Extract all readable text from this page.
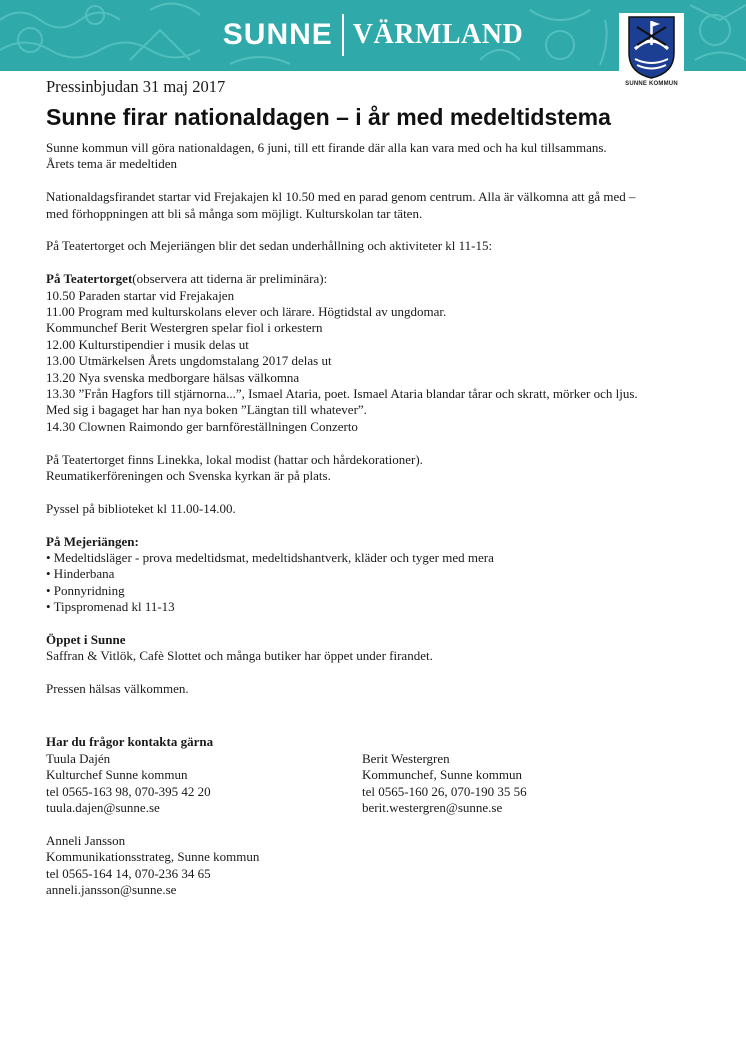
SUNNE VÄRMLAND
SUNNE KOMMUN

Pressinbjudan 31 maj 2017

Sunne firar nationaldagen – i år med medeltidstema

Sunne kommun vill göra nationaldagen, 6 juni, till ett firande där alla kan vara med och ha kul tillsammans.

Årets tema är medeltiden

Nationaldagsfirandet startar vid Frejakajen kl 10.50 med en parad genom centrum. Alla är välkomna att gå med –

med förhoppningen att bli så många som möjligt. Kulturskolan tar täten.

På Teatertorget och Mejeriängen blir det sedan underhållning och aktiviteter kl 11-15:

På Teatertorget(observera att tiderna är preliminära):

10.50 Paraden startar vid Frejakajen

11.00 Program med kulturskolans elever och lärare. Högtidstal av ungdomar.

Kommunchef Berit Westergren spelar fiol i orkestern

12.00 Kulturstipendier i musik delas ut

13.00 Utmärkelsen Årets ungdomstalang 2017 delas ut

13.20 Nya svenska medborgare hälsas välkomna

13.30 ”Från Hagfors till stjärnorna...”, Ismael Ataria, poet. Ismael Ataria blandar tårar och skratt, mörker och ljus.

Med sig i bagaget har han nya boken ”Längtan till whatever”.

14.30 Clownen Raimondo ger barnföreställningen Conzerto

På Teatertorget finns Linekka, lokal modist (hattar och hårdekorationer).

Reumatikerföreningen och Svenska kyrkan är på plats.

Pyssel på biblioteket kl 11.00-14.00.

På Mejeriängen:

• Medeltidsläger - prova medeltidsmat, medeltidshantverk, kläder och tyger med mera

• Hinderbana

• Ponnyridning

• Tipspromenad kl 11-13

Öppet i Sunne

Saffran & Vitlök, Cafè Slottet och många butiker har öppet under firandet.

Pressen hälsas välkommen.

Har du frågor kontakta gärna

Tuula Dajén

Kulturchef Sunne kommun

tel 0565-163 98, 070-395 42 20

tuula.dajen@sunne.se

Berit Westergren

Kommunchef, Sunne kommun

tel 0565-160 26, 070-190 35 56

berit.westergren@sunne.se

Anneli Jansson

Kommunikationsstrateg, Sunne kommun

tel 0565-164 14, 070-236 34 65

anneli.jansson@sunne.se
